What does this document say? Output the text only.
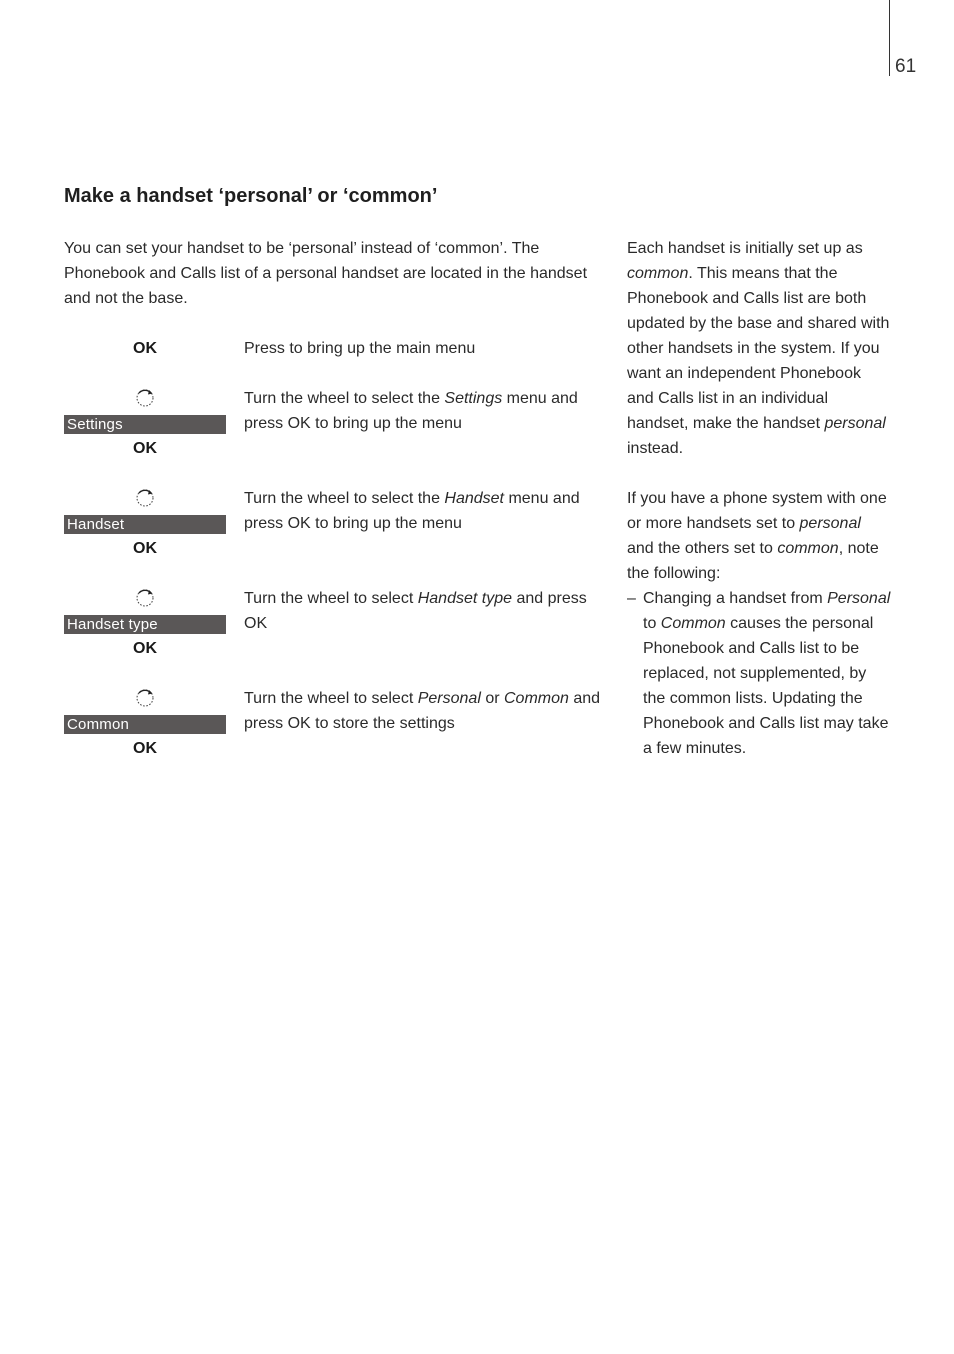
61
Make a handset ‘personal’ or ‘common’
You can set your handset to be ‘personal’ instead of ‘common’. The Phonebook and Calls list of a personal handset are located in the handset and not the base.
OK	Press to bring up the main menu
Settings
OK
Turn the wheel to select the Settings menu and press OK to bring up the menu
Handset
OK
Turn the wheel to select the Handset menu and press OK to bring up the menu
Handset type
OK
Turn the wheel to select Handset type and press OK
Common
OK
Turn the wheel to select Personal or Common and press OK to store the settings

Each handset is initially set up as common. This means that the Phonebook and Calls list are both updated by the base and shared with other handsets in the system. If you want an independent Phonebook and Calls list in an individual handset, make the handset personal instead.

If you have a phone system with one or more handsets set to personal and the others set to common, note the following:

– Changing a handset from Personal to Common causes the personal Phonebook and Calls list to be replaced, not supplemented, by the common lists. Updating the Phonebook and Calls list may take a few minutes.
